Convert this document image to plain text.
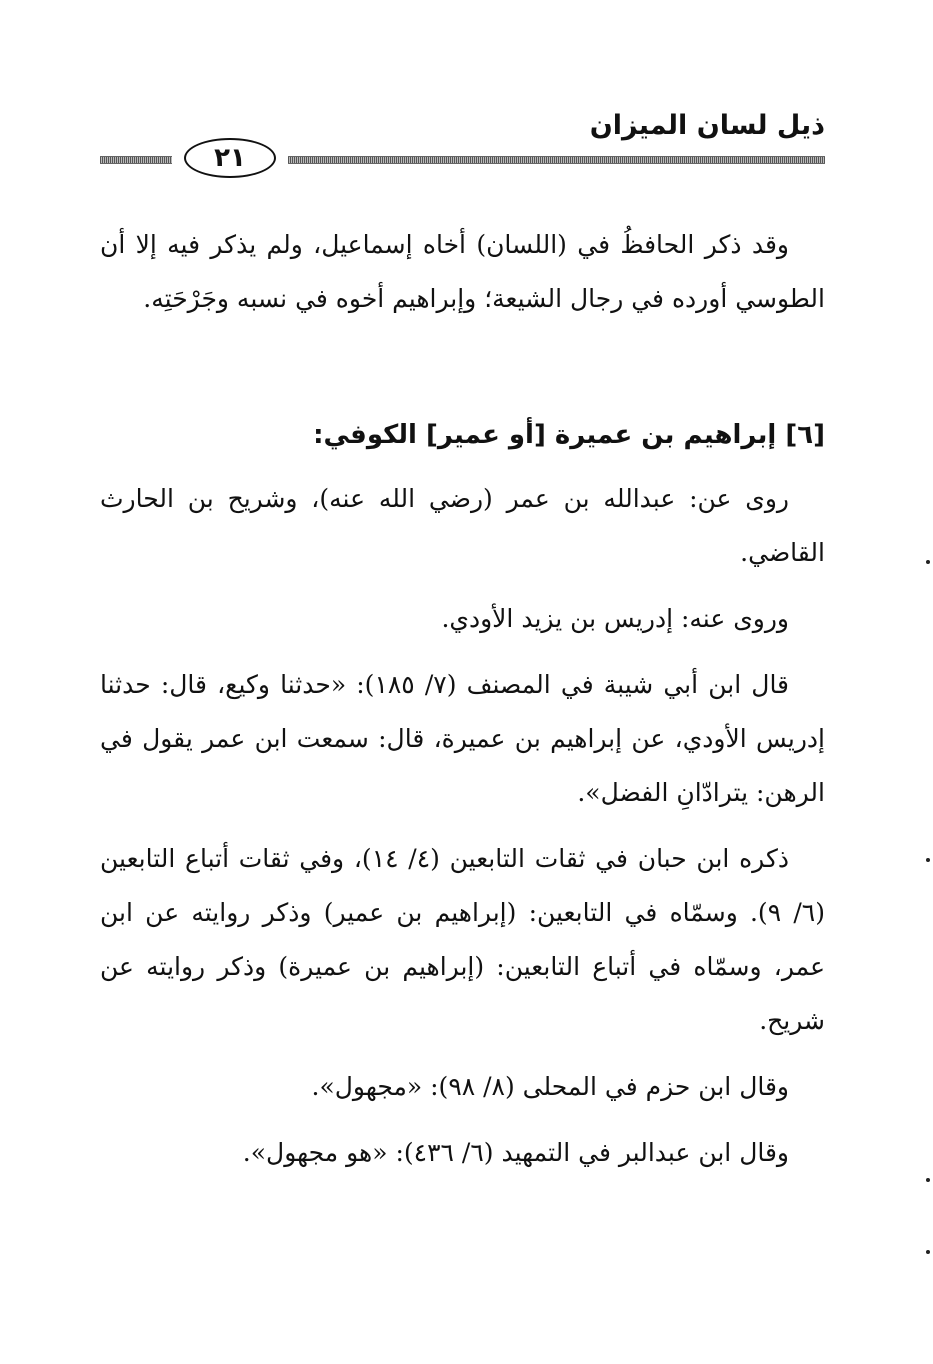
ذيل لسان الميزان
٢١

وقد ذكر الحافظُ في (اللسان) أخاه إسماعيل، ولم يذكر فيه إلا أن الطوسي أورده في رجال الشيعة؛ وإبراهيم أخوه في نسبه وجَرْحَتِه.

[٦] إبراهيم بن عميرة [أو عمير] الكوفي:

روى عن: عبدالله بن عمر (رضي الله عنه)، وشريح بن الحارث القاضي.

وروى عنه: إدريس بن يزيد الأودي.

قال ابن أبي شيبة في المصنف (٧/ ١٨٥): «حدثنا وكيع، قال: حدثنا إدريس الأودي، عن إبراهيم بن عميرة، قال: سمعت ابن عمر يقول في الرهن: يترادّانِ الفضل».

ذكره ابن حبان في ثقات التابعين (٤/ ١٤)، وفي ثقات أتباع التابعين (٦/ ٩). وسمّاه في التابعين: (إبراهيم بن عمير) وذكر روايته عن ابن عمر، وسمّاه في أتباع التابعين: (إبراهيم بن عميرة) وذكر روايته عن شريح.

وقال ابن حزم في المحلى (٨/ ٩٨): «مجهول».

وقال ابن عبدالبر في التمهيد (٦/ ٤٣٦): «هو مجهول».
